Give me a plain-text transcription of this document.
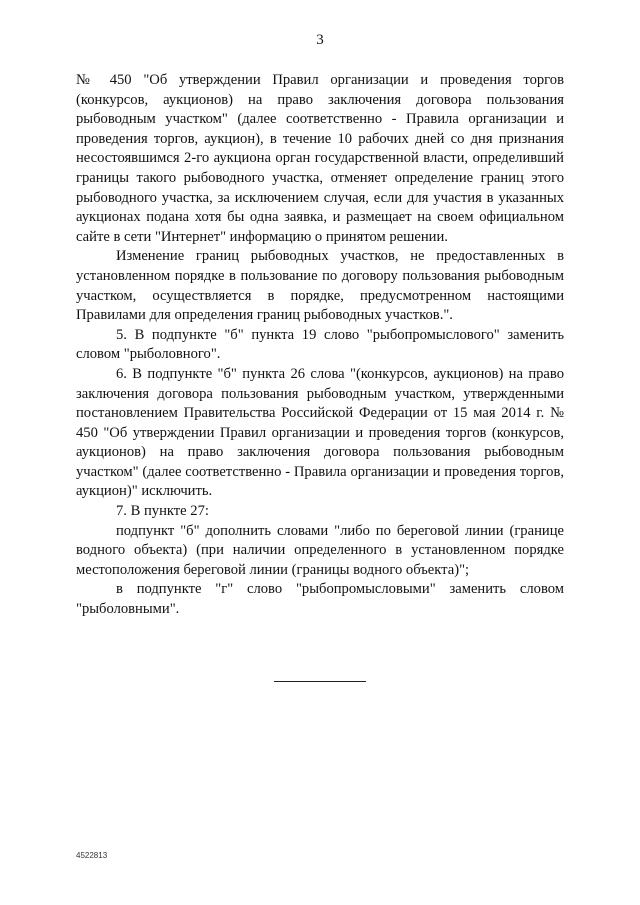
3

№ 450 "Об утверждении Правил организации и проведения торгов (конкурсов, аукционов) на право заключения договора пользования рыбоводным участком" (далее соответственно - Правила организации и проведения торгов, аукцион), в течение 10 рабочих дней со дня признания несостоявшимся 2-го аукциона орган государственной власти, определивший границы такого рыбоводного участка, отменяет определение границ этого рыбоводного участка, за исключением случая, если для участия в указанных аукционах подана хотя бы одна заявка, и размещает на своем официальном сайте в сети "Интернет" информацию о принятом решении.

Изменение границ рыбоводных участков, не предоставленных в установленном порядке в пользование по договору пользования рыбоводным участком, осуществляется в порядке, предусмотренном настоящими Правилами для определения границ рыбоводных участков.".

5. В подпункте "б" пункта 19 слово "рыбопромыслового" заменить словом "рыболовного".

6. В подпункте "б" пункта 26 слова "(конкурсов, аукционов) на право заключения договора пользования рыбоводным участком, утвержденными постановлением Правительства Российской Федерации от 15 мая 2014 г. № 450 "Об утверждении Правил организации и проведения торгов (конкурсов, аукционов) на право заключения договора пользования рыбоводным участком" (далее соответственно - Правила организации и проведения торгов, аукцион)" исключить.

7. В пункте 27:

подпункт "б" дополнить словами "либо по береговой линии (границе водного объекта) (при наличии определенного в установленном порядке местоположения береговой линии (границы водного объекта)";

в подпункте "г" слово "рыбопромысловыми" заменить словом "рыболовными".

4522813
